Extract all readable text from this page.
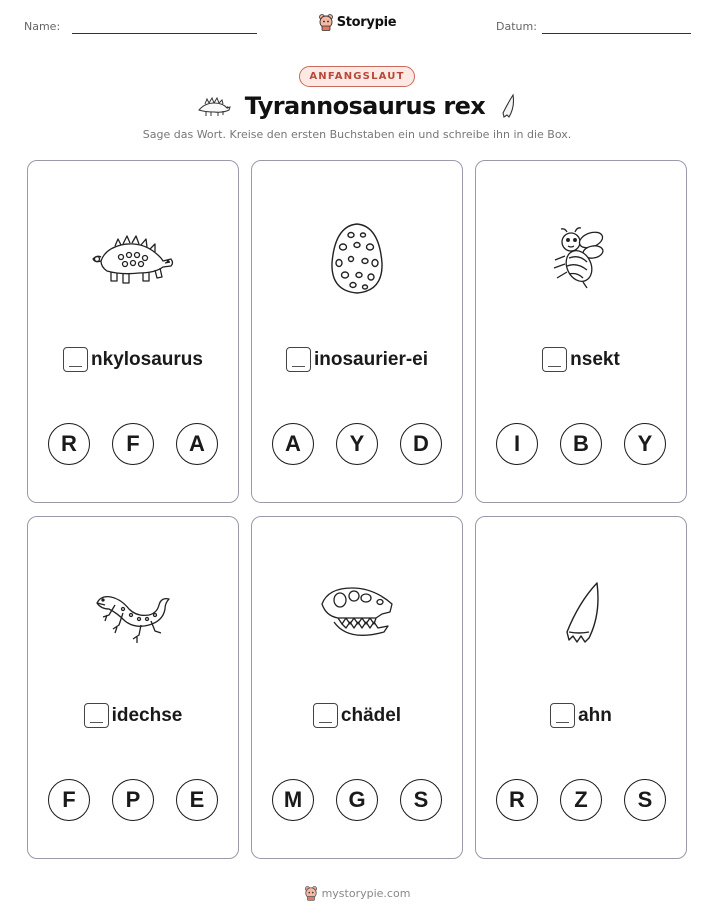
Name:	Storypie	Datum:
ANFANGSLAUT
Tyrannosaurus rex
Sage das Wort. Kreise den ersten Buchstaben ein und schreibe ihn in die Box.
nkylosaurus
R	F	A
inosaurier-ei
A	Y	D
nsekt
I	B	Y
idechse
F	P	E
chädel
M	G	S
ahn
R	Z	S
mystorypie.com
